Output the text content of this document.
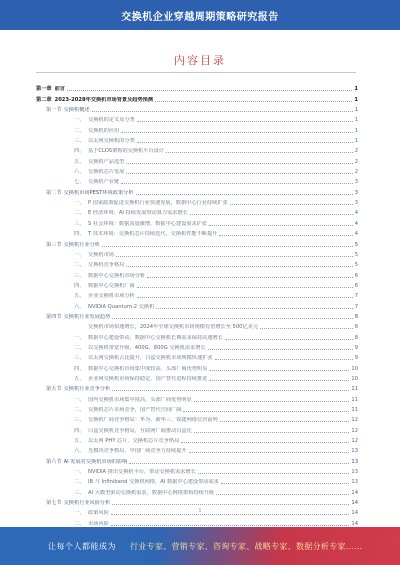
交换机企业穿越周期策略研究报告
内容目录
第一章 前言	1
第二章 2023-2028年交换机市场背景及趋势预测	1
第一节 交换机概述	1
一、 交换机的定义及分类	1
二、 交换机的应用	1
三、 以太网交换机的分类	1
四、 基于CLOS架构的交换机平台设计	2
五、 交换机产品选型	2
六、 交换机芯片发展	2
七、 交换机产业链	3
第二节 交换机市场PEST环境政策分析	3
一、 P 国家政策促进交换机行业快速发展，数据中心行业持续扩张	3
二、 E 经济环境：AI 持续发展带动算力需求增长	4
三、 S 社会环境：数据流量激增，数据中心建设需求扩张	4
四、 T 技术环境：交换机芯片持续迭代，交换机性能不断提升	4
第三节 交换机行业分析	5
一、 交换机市场	5
二、 交换机竞争格局	5
三、 数据中心交换机市场分析	6
四、 数据中心交换机厂商	6
五、 企业交换机市场分析	7
六、 NVIDIA Quantum-2 交换机	7
第四节 交换机行业发展趋势	8
交换机市场快速增长，2024年全球交换机市场规模有望增长至 500亿美元	8
一、 数据中心建设带动，数据中心交换机长期需求保持高速增长	8
二、 以交换机带宽升级，400G、800G 交换机需求增长	9
三、 以太网交换机占比提升，白盒交换机市场规模快速扩张	9
四、 数据中心交换机市场集中度较高，头部厂商优势明显	10
五、 企业网交换机市场保持稳定，国产替代进程持续推进	10
第五节 交换机行业竞争分析	11
一、 国内交换机市场集中度高，头部厂商优势明显	11
二、 交换机芯片市场竞争，国产替代空间广阔	11
三、 交换机厂商竞争格局：华为、新华三、锐捷网络位居前列	12
四、 白盒交换机竞争格局，互联网厂商推动白盒化	12
五、 以太网 PHY 芯片、交换机芯片竞争格局	12
六、 光模块竞争格局，中国厂商竞争力持续提升	13
第六节 AI 发展对交换机市场的影响	13
一、 NVIDIA 推出交换机平台，带动交换机需求增长	13
二、 IB 与 Infiniband 交换机网络，AI 数据中心建设带动需求	13
三、 AI 大模型驱动交换机需求，数据中心网络架构持续升级	14
第七节 交换机行业风险分析	14
一、 政策风险	14
二、 市场风险	14
1
让每个人都能成为 行业专家、营销专家、咨询专家、战略专家、数据分析专家……
